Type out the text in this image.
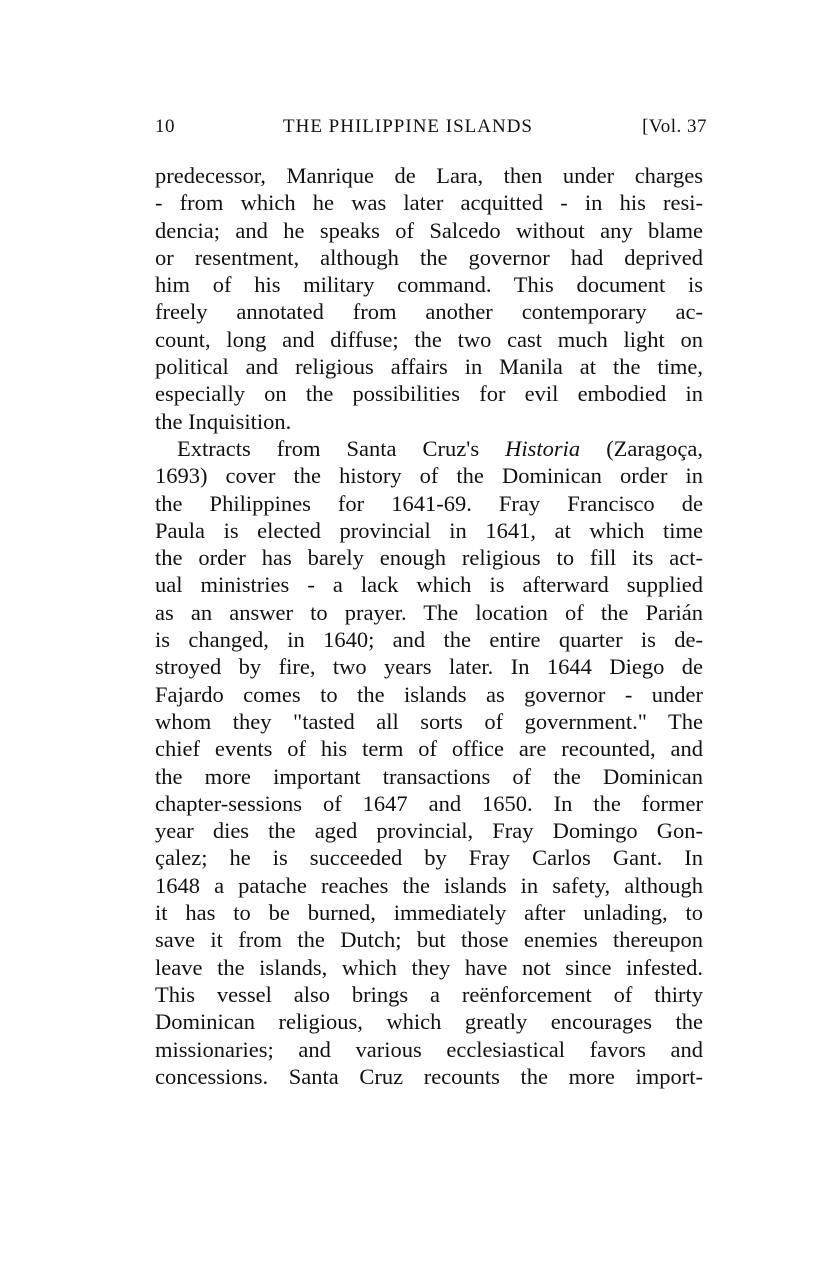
10	THE PHILIPPINE ISLANDS	[Vol. 37
predecessor, Manrique de Lara, then under charges
- from which he was later acquitted - in his resi-
dencia; and he speaks of Salcedo without any blame
or resentment, although the governor had deprived
him of his military command. This document is
freely annotated from another contemporary ac-
count, long and diffuse; the two cast much light on
political and religious affairs in Manila at the time,
especially on the possibilities for evil embodied in
the Inquisition.
Extracts from Santa Cruz's Historia (Zaragoça,
1693) cover the history of the Dominican order in
the Philippines for 1641-69. Fray Francisco de
Paula is elected provincial in 1641, at which time
the order has barely enough religious to fill its act-
ual ministries - a lack which is afterward supplied
as an answer to prayer. The location of the Parián
is changed, in 1640; and the entire quarter is de-
stroyed by fire, two years later. In 1644 Diego de
Fajardo comes to the islands as governor - under
whom they "tasted all sorts of government." The
chief events of his term of office are recounted, and
the more important transactions of the Dominican
chapter-sessions of 1647 and 1650. In the former
year dies the aged provincial, Fray Domingo Gon-
çalez; he is succeeded by Fray Carlos Gant. In
1648 a patache reaches the islands in safety, although
it has to be burned, immediately after unlading, to
save it from the Dutch; but those enemies thereupon
leave the islands, which they have not since infested.
This vessel also brings a reënforcement of thirty
Dominican religious, which greatly encourages the
missionaries; and various ecclesiastical favors and
concessions. Santa Cruz recounts the more import-
